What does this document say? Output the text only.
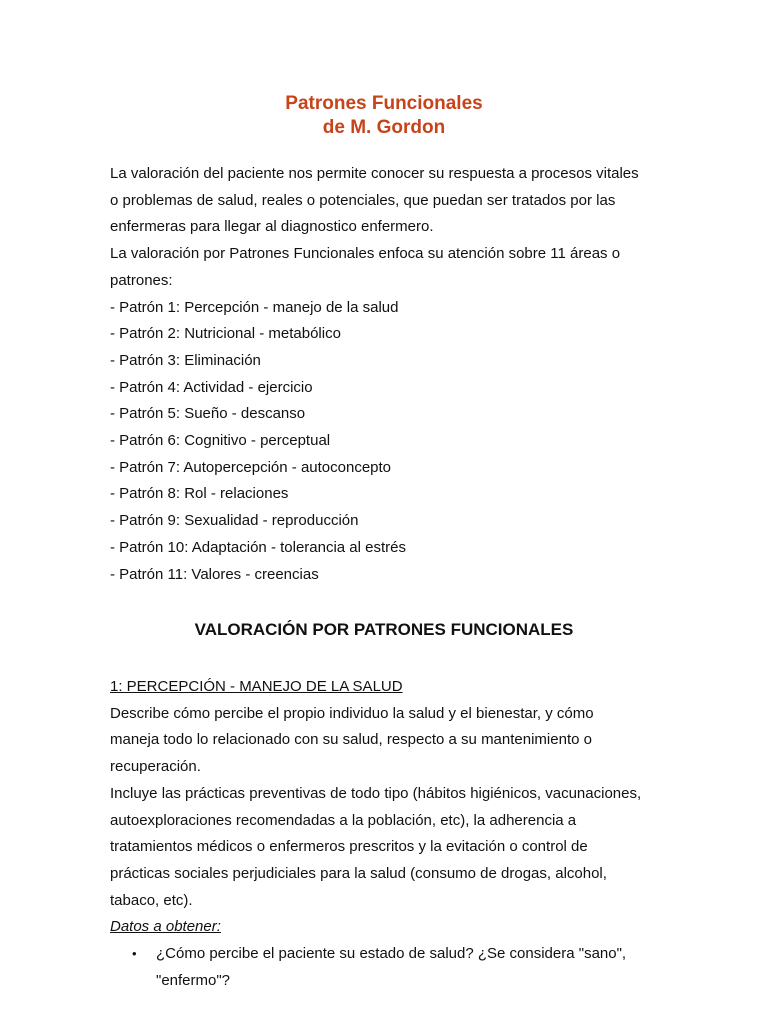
Patrones Funcionales
de M. Gordon
La valoración del paciente nos permite conocer su respuesta a procesos vitales
o problemas de salud, reales o potenciales, que puedan ser tratados por las
enfermeras para llegar al diagnostico enfermero.
La valoración por Patrones Funcionales enfoca su atención sobre 11 áreas o
patrones:
- Patrón 1: Percepción - manejo de la salud
- Patrón 2: Nutricional - metabólico
- Patrón 3: Eliminación
- Patrón 4: Actividad - ejercicio
- Patrón 5: Sueño - descanso
- Patrón 6: Cognitivo - perceptual
- Patrón 7: Autopercepción - autoconcepto
- Patrón 8: Rol - relaciones
- Patrón 9: Sexualidad - reproducción
- Patrón 10: Adaptación - tolerancia al estrés
- Patrón 11: Valores - creencias
VALORACIÓN POR PATRONES FUNCIONALES
1: PERCEPCIÓN - MANEJO DE LA SALUD
Describe cómo percibe el propio individuo la salud y el bienestar, y cómo
maneja todo lo relacionado con su salud, respecto a su mantenimiento o
recuperación.
Incluye las prácticas preventivas de todo tipo (hábitos higiénicos, vacunaciones,
autoexploraciones recomendadas a la población, etc), la adherencia a
tratamientos médicos o enfermeros prescritos y la evitación o control de
prácticas sociales perjudiciales para la salud (consumo de drogas, alcohol,
tabaco, etc).
Datos a obtener:
• ¿Cómo percibe el paciente su estado de salud? ¿Se considera "sano",
"enfermo"?
